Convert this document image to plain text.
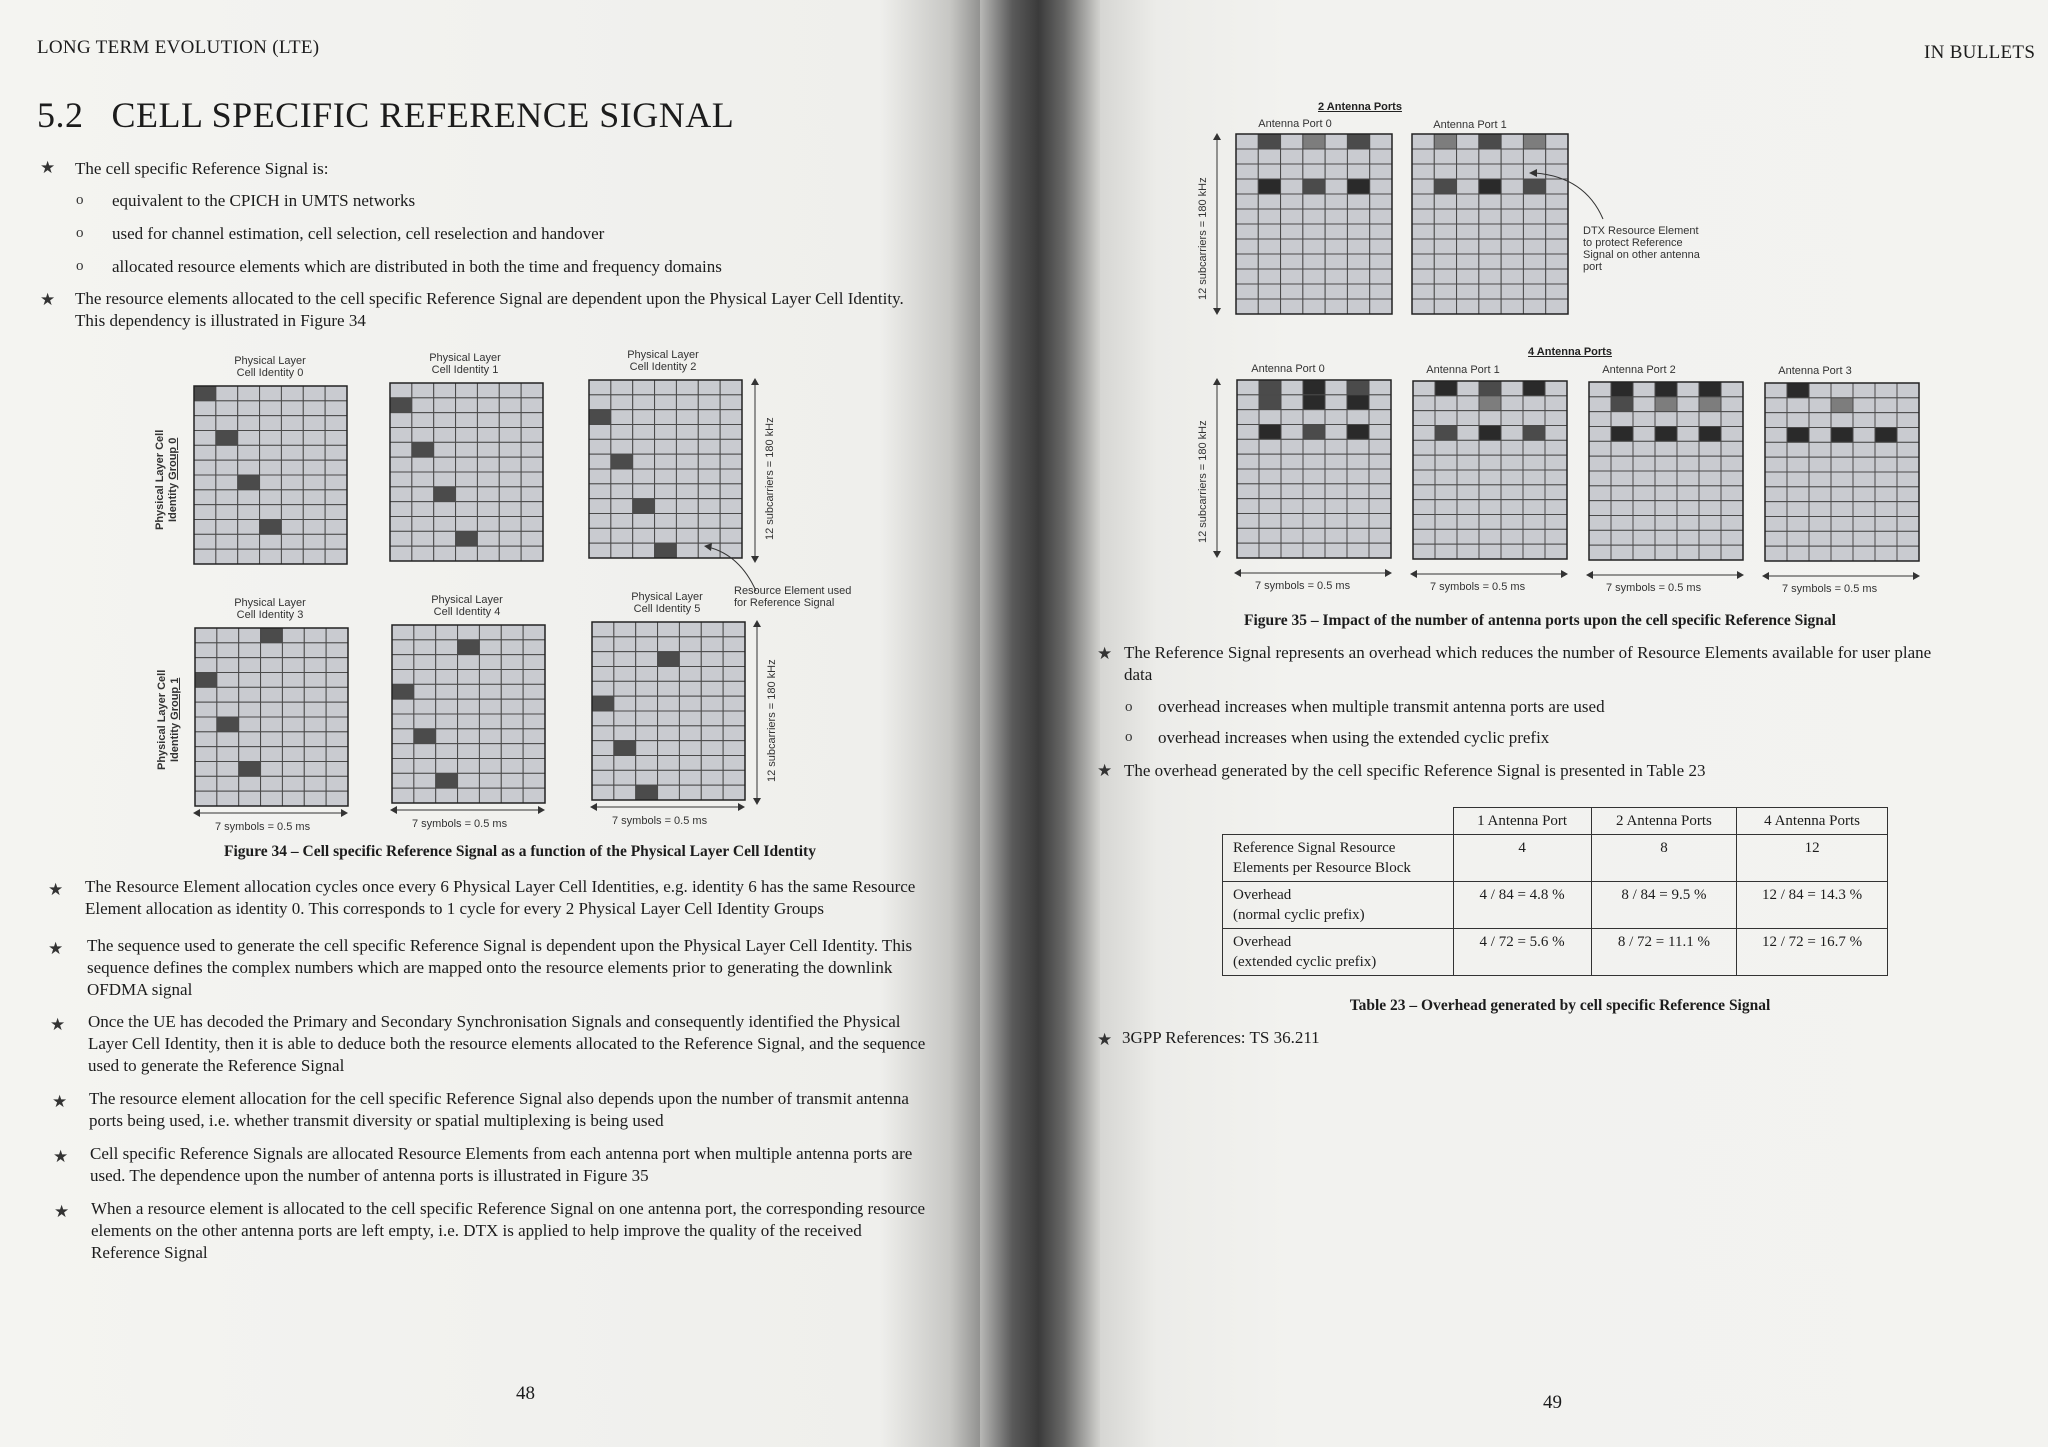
LONG TERM EVOLUTION (LTE)
5.2 CELL SPECIFIC REFERENCE SIGNAL
★ The cell specific Reference Signal is:
o equivalent to the CPICH in UMTS networks
o used for channel estimation, cell selection, cell reselection and handover
o allocated resource elements which are distributed in both the time and frequency domains
★ The resource elements allocated to the cell specific Reference Signal are dependent upon the Physical Layer Cell Identity.
This dependency is illustrated in Figure 34
Physical Layer
Cell Identity 0
Physical Layer
Cell Identity 1
Physical Layer
Cell Identity 2
Physical Layer
Cell Identity 3
Physical Layer
Cell Identity 4
Physical Layer
Cell Identity 5
Physical Layer Cell Identity Group 0
Physical Layer Cell Identity Group 1
12 subcarriers = 180 kHz
12 subcarriers = 180 kHz
Resource Element used
for Reference Signal
7 symbols = 0.5 ms	7 symbols = 0.5 ms	7 symbols = 0.5 ms
Figure 34 – Cell specific Reference Signal as a function of the Physical Layer Cell Identity
★ The Resource Element allocation cycles once every 6 Physical Layer Cell Identities, e.g. identity 6 has the same Resource
Element allocation as identity 0. This corresponds to 1 cycle for every 2 Physical Layer Cell Identity Groups
★ The sequence used to generate the cell specific Reference Signal is dependent upon the Physical Layer Cell Identity. This
sequence defines the complex numbers which are mapped onto the resource elements prior to generating the downlink
OFDMA signal
★ Once the UE has decoded the Primary and Secondary Synchronisation Signals and consequently identified the Physical
Layer Cell Identity, then it is able to deduce both the resource elements allocated to the Reference Signal, and the sequence
used to generate the Reference Signal
★ The resource element allocation for the cell specific Reference Signal also depends upon the number of transmit antenna
ports being used, i.e. whether transmit diversity or spatial multiplexing is being used
★ Cell specific Reference Signals are allocated Resource Elements from each antenna port when multiple antenna ports are
used. The dependence upon the number of antenna ports is illustrated in Figure 35
★ When a resource element is allocated to the cell specific Reference Signal on one antenna port, the corresponding resource
elements on the other antenna ports are left empty, i.e. DTX is applied to help improve the quality of the received
Reference Signal
48
IN BULLETS
2 Antenna Ports
Antenna Port 0	Antenna Port 1
12 subcarriers = 180 kHz	DTX Resource Element
to protect Reference
Signal on other antenna
port
4 Antenna Ports
Antenna Port 0	Antenna Port 1	Antenna Port 2	Antenna Port 3
12 subcarriers = 180 kHz
7 symbols = 0.5 ms	7 symbols = 0.5 ms	7 symbols = 0.5 ms	7 symbols = 0.5 ms
Figure 35 – Impact of the number of antenna ports upon the cell specific Reference Signal
★ The Reference Signal represents an overhead which reduces the number of Resource Elements available for user plane
data
o overhead increases when multiple transmit antenna ports are used
o overhead increases when using the extended cyclic prefix
★ The overhead generated by the cell specific Reference Signal is presented in Table 23
	1 Antenna Port	2 Antenna Ports	4 Antenna Ports

Reference Signal Resource
Elements per Resource Block	4	8	12

Overhead
(normal cyclic prefix)	4 / 84 = 4.8 %	8 / 84 = 9.5 %	12 / 84 = 14.3 %

Overhead
(extended cyclic prefix)	4 / 72 = 5.6 %	8 / 72 = 11.1 %	12 / 72 = 16.7 %
Table 23 – Overhead generated by cell specific Reference Signal
★ 3GPP References: TS 36.211
49
